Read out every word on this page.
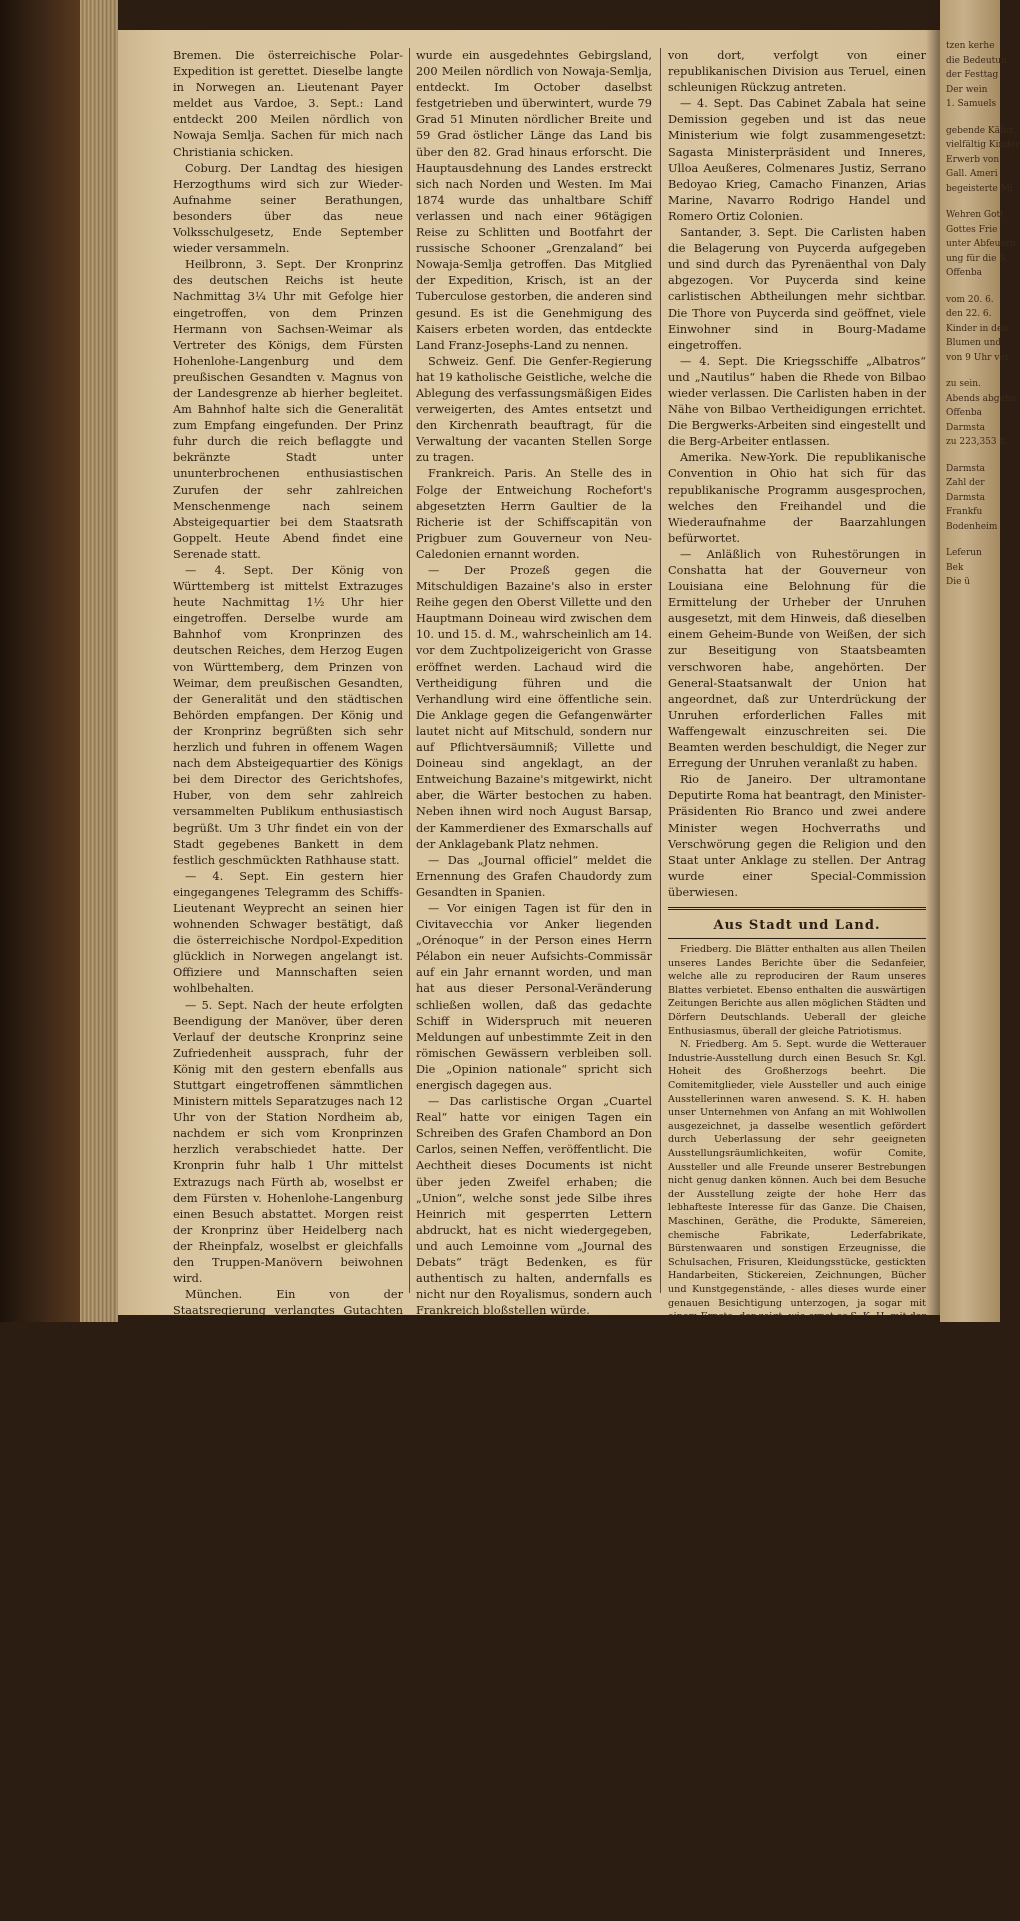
Bremen. Die österreichische Polar-Expedition ist gerettet. Dieselbe langte in Norwegen an. Lieutenant Payer meldet aus Vardoe, 3. Sept.: Land entdeckt 200 Meilen nördlich von Nowaja Semlja. Sachen für mich nach Christiania schicken.

Coburg. Der Landtag des hiesigen Herzogthums wird sich zur Wieder-Aufnahme seiner Berathungen, besonders über das neue Volksschulgesetz, Ende September wieder versammeln.

Heilbronn, 3. Sept. Der Kronprinz des deutschen Reichs ist heute Nachmittag 3¼ Uhr mit Gefolge hier eingetroffen, von dem Prinzen Hermann von Sachsen-Weimar als Vertreter des Königs, dem Fürsten Hohenlohe-Langenburg und dem preußischen Gesandten v. Magnus von der Landesgrenze ab hierher begleitet. Am Bahnhof halte sich die Generalität zum Empfang eingefunden. Der Prinz fuhr durch die reich beflaggte und bekränzte Stadt unter ununterbrochenen enthusiastischen Zurufen der sehr zahlreichen Menschenmenge nach seinem Absteigequartier bei dem Staatsrath Goppelt. Heute Abend findet eine Serenade statt.

— 4. Sept. Der König von Württemberg ist mittelst Extrazuges heute Nachmittag 1½ Uhr hier eingetroffen. Derselbe wurde am Bahnhof vom Kronprinzen des deutschen Reiches, dem Herzog Eugen von Württemberg, dem Prinzen von Weimar, dem preußischen Gesandten, der Generalität und den städtischen Behörden empfangen. Der König und der Kronprinz begrüßten sich sehr herzlich und fuhren in offenem Wagen nach dem Absteigequartier des Königs bei dem Director des Gerichtshofes, Huber, von dem sehr zahlreich versammelten Publikum enthusiastisch begrüßt. Um 3 Uhr findet ein von der Stadt gegebenes Bankett in dem festlich geschmückten Rathhause statt.

— 4. Sept. Ein gestern hier eingegangenes Telegramm des Schiffs-Lieutenant Weyprecht an seinen hier wohnenden Schwager bestätigt, daß die österreichische Nordpol-Expedition glücklich in Norwegen angelangt ist. Offiziere und Mannschaften seien wohlbehalten.

— 5. Sept. Nach der heute erfolgten Beendigung der Manöver, über deren Verlauf der deutsche Kronprinz seine Zufriedenheit aussprach, fuhr der König mit den gestern ebenfalls aus Stuttgart eingetroffenen sämmtlichen Ministern mittels Separatzuges nach 12 Uhr von der Station Nordheim ab, nachdem er sich vom Kronprinzen herzlich verabschiedet hatte. Der Kronprin fuhr halb 1 Uhr mittelst Extrazugs nach Fürth ab, woselbst er dem Fürsten v. Hohenlohe-Langenburg einen Besuch abstattet. Morgen reist der Kronprinz über Heidelberg nach der Rheinpfalz, woselbst er gleichfalls den Truppen-Manövern beiwohnen wird.

München. Ein von der Staatsregierung verlangtes Gutachten der Verwaltung der Bayerischen Hypothek- und Wechselbank über den Bankgesetzentwurf spricht sich aufs Entschiedenste gegen die Annahme des Gesetzentwurfes aus.

— Auf den Oberstlieutenant v. Ballade vom 2. Jäger-Bataillon soll ein Attentats-Versuch gemacht worden sein. Bei den bei Ingolstadt abgehaltenen Manövern sind scharfe Schüsse gefallen, und man muthmaßt, daß mit Steinen auf den nicht sonderlich beliebten Commandanten geschossen worden sei.

Freiburg i. B., 5. Sept. Der Altkatholiken-Congreß scheint sehr zahlreich besucht zu werden. Von hervorragenden Mitgliedern sind bereits eingetroffen: Bischof Reinkens, die Professoren Schulte, Reusch und Friedrich und der Reichstagsabgeordnete Völk. Heute Abend findet eine gesellige Vereinigung der eingetroffenen Mitglieder statt.

Ausland.

Oesterreich-Ungarn. Wien. Fürst Milan von Serbien ersuchte durch Vermittelung des Fürsten Hohenlohe in Paris den Kaiser Wilhelm, er möge ihn im December in Berlin empfangen.

— Zufolge von Telegrammen der Nordpolfahrer Weyprecht und Payer aus Vardoe vom 3. war das Schiff im Herbste 1872 im Packeise eingeschlossen, sodann nordwärts getrieben. 1873

wurde ein ausgedehntes Gebirgsland, 200 Meilen nördlich von Nowaja-Semlja, entdeckt. Im October daselbst festgetrieben und überwintert, wurde 79 Grad 51 Minuten nördlicher Breite und 59 Grad östlicher Länge das Land bis über den 82. Grad hinaus erforscht. Die Hauptausdehnung des Landes erstreckt sich nach Norden und Westen. Im Mai 1874 wurde das unhaltbare Schiff verlassen und nach einer 96tägigen Reise zu Schlitten und Bootfahrt der russische Schooner „Grenzaland“ bei Nowaja-Semlja getroffen. Das Mitglied der Expedition, Krisch, ist an der Tuberculose gestorben, die anderen sind gesund. Es ist die Genehmigung des Kaisers erbeten worden, das entdeckte Land Franz-Josephs-Land zu nennen.

Schweiz. Genf. Die Genfer-Regierung hat 19 katholische Geistliche, welche die Ablegung des verfassungsmäßigen Eides verweigerten, des Amtes entsetzt und den Kirchenrath beauftragt, für die Verwaltung der vacanten Stellen Sorge zu tragen.

Frankreich. Paris. An Stelle des in Folge der Entweichung Rochefort's abgesetzten Herrn Gaultier de la Richerie ist der Schiffscapitän von Prigbuer zum Gouverneur von Neu-Caledonien ernannt worden.

— Der Prozeß gegen die Mitschuldigen Bazaine's also in erster Reihe gegen den Oberst Villette und den Hauptmann Doineau wird zwischen dem 10. und 15. d. M., wahrscheinlich am 14. vor dem Zuchtpolizeigericht von Grasse eröffnet werden. Lachaud wird die Vertheidigung führen und die Verhandlung wird eine öffentliche sein. Die Anklage gegen die Gefangenwärter lautet nicht auf Mitschuld, sondern nur auf Pflichtversäumniß; Villette und Doineau sind angeklagt, an der Entweichung Bazaine's mitgewirkt, nicht aber, die Wärter bestochen zu haben. Neben ihnen wird noch August Barsap, der Kammerdiener des Exmarschalls auf der Anklagebank Platz nehmen.

— Das „Journal officiel“ meldet die Ernennung des Grafen Chaudordy zum Gesandten in Spanien.

— Vor einigen Tagen ist für den in Civitavecchia vor Anker liegenden „Orénoque“ in der Person eines Herrn Pélabon ein neuer Aufsichts-Commissär auf ein Jahr ernannt worden, und man hat aus dieser Personal-Veränderung schließen wollen, daß das gedachte Schiff in Widerspruch mit neueren Meldungen auf unbestimmte Zeit in den römischen Gewässern verbleiben soll. Die „Opinion nationale“ spricht sich energisch dagegen aus.

— Das carlistische Organ „Cuartel Real“ hatte vor einigen Tagen ein Schreiben des Grafen Chambord an Don Carlos, seinen Neffen, veröffentlicht. Die Aechtheit dieses Documents ist nicht über jeden Zweifel erhaben; die „Union“, welche sonst jede Silbe ihres Heinrich mit gesperrten Lettern abdruckt, hat es nicht wiedergegeben, und auch Lemoinne vom „Journal des Debats“ trägt Bedenken, es für authentisch zu halten, andernfalls es nicht nur den Royalismus, sondern auch Frankreich bloßstellen würde.

— 5. Sept. Mac Mahon empfing heute den Besuch des Großfürsten Constantin von Rußland und erwiederte denselben sogleich. Der Großfürst reist morgen nach Biarritz zurück. Mac Mahon wird sich am 13. nach Bethune begeben, um den Manövern des vom General Clinchant befehligten Armee-Corps beizuwohnen.

Norwegen. Christiania, 4. Septbr. Eine heute hier eingelangte Nachricht meldet die Ankunft der österreichischen Nordpol-Expedition in Vardoe. Das Schiff „Tegetthof“ ist zu Grunde gegangen. Die Mitglieder der Expedition wurden nach langen Schlittenreisen von russischen Schiffen aufgefunden.

Spanien. Madrid. Die Banden unter Don Alfonso sind in voriger Woche in Vinaroz (Provinz Valencia) eingerückt, in ziemlich kläglichem Zustand und statt 10,000, wie bisher behauptet wurde, nur 6000 Mann stark. Von Vinaroz zogen sie nach Benicarlo und mußten

von dort, verfolgt von einer republikanischen Division aus Teruel, einen schleunigen Rückzug antreten.

— 4. Sept. Das Cabinet Zabala hat seine Demission gegeben und ist das neue Ministerium wie folgt zusammengesetzt: Sagasta Ministerpräsident und Inneres, Ulloa Aeußeres, Colmenares Justiz, Serrano Bedoyao Krieg, Camacho Finanzen, Arias Marine, Navarro Rodrigo Handel und Romero Ortiz Colonien.

Santander, 3. Sept. Die Carlisten haben die Belagerung von Puycerda aufgegeben und sind durch das Pyrenäenthal von Daly abgezogen. Vor Puycerda sind keine carlistischen Abtheilungen mehr sichtbar. Die Thore von Puycerda sind geöffnet, viele Einwohner sind in Bourg-Madame eingetroffen.

— 4. Sept. Die Kriegsschiffe „Albatros“ und „Nautilus“ haben die Rhede von Bilbao wieder verlassen. Die Carlisten haben in der Nähe von Bilbao Vertheidigungen errichtet. Die Bergwerks-Arbeiten sind eingestellt und die Berg-Arbeiter entlassen.

Amerika. New-York. Die republikanische Convention in Ohio hat sich für das republikanische Programm ausgesprochen, welches den Freihandel und die Wiederaufnahme der Baarzahlungen befürwortet.

— Anläßlich von Ruhestörungen in Conshatta hat der Gouverneur von Louisiana eine Belohnung für die Ermittelung der Urheber der Unruhen ausgesetzt, mit dem Hinweis, daß dieselben einem Geheim-Bunde von Weißen, der sich zur Beseitigung von Staatsbeamten verschworen habe, angehörten. Der General-Staatsanwalt der Union hat angeordnet, daß zur Unterdrückung der Unruhen erforderlichen Falles mit Waffengewalt einzuschreiten sei. Die Beamten werden beschuldigt, die Neger zur Erregung der Unruhen veranlaßt zu haben.

Rio de Janeiro. Der ultramontane Deputirte Roma hat beantragt, den Minister-Präsidenten Rio Branco und zwei andere Minister wegen Hochverraths und Verschwörung gegen die Religion und den Staat unter Anklage zu stellen. Der Antrag wurde einer Special-Commission überwiesen.

Aus Stadt und Land.

Friedberg. Die Blätter enthalten aus allen Theilen unseres Landes Berichte über die Sedanfeier, welche alle zu reproduciren der Raum unseres Blattes verbietet. Ebenso enthalten die auswärtigen Zeitungen Berichte aus allen möglichen Städten und Dörfern Deutschlands. Ueberall der gleiche Enthusiasmus, überall der gleiche Patriotismus.

N. Friedberg. Am 5. Sept. wurde die Wetterauer Industrie-Ausstellung durch einen Besuch Sr. Kgl. Hoheit des Großherzogs beehrt. Die Comitemitglieder, viele Aussteller und auch einige Ausstellerinnen waren anwesend. S. K. H. haben unser Unternehmen von Anfang an mit Wohlwollen ausgezeichnet, ja dasselbe wesentlich gefördert durch Ueberlassung der sehr geeigneten Ausstellungsräumlichkeiten, wofür Comite, Aussteller und alle Freunde unserer Bestrebungen nicht genug danken können. Auch bei dem Besuche der Ausstellung zeigte der hohe Herr das lebhafteste Interesse für das Ganze. Die Chaisen, Maschinen, Geräthe, die Produkte, Sämereien, chemische Fabrikate, Lederfabrikate, Bürstenwaaren und sonstigen Erzeugnisse, die Schulsachen, Frisuren, Kleidungsstücke, gestickten Handarbeiten, Stickereien, Zeichnungen, Bücher und Kunstgegenstände, - alles dieses wurde einer genauen Besichtigung unterzogen, ja sogar mit einem Ernste, der zeigt, wie ernst es S. K. H. mit der Hebung und Förderung der Industrie ist und der Ausmunterung für die Aussteller. Die wahrhaft liebenswürdige Freundlichkeit unseres Landesfürsten machte auf alle Anwesende den besten Eindruck. Die Wetterauer aber ist dieser Besuch und die Art und Weise seiner Ausführung ein Beweis hoher Theilnahme für unser Ringen und Kämpfen, die Industrie zu fördern, heimischer zu machen; und wir wollen uns dadurch um so mehr aufgemuntert erachten, unsere Arbeit und Leistungen zu vervielfältigen und zu heben, um weiteren Beifall zu verdienen und damit zugleich auch befähigter zu werden für die sich immer mehr ausbildende Concurrenz. So müssen die Ausstellung und die beste Pflege der Wetterauer Industrie von allen Seiten gezollte Aufmerksamkeit segensreich fortwirken.

H. Dortelweil. In hiesiger Gemeinde wurde auch dieses Jahr wieder die Sedanfeier begangen. Abends zuvor wurde das Fest durch die Glocken eingeläutet, ebenso der Festmorgen. Der Ort war beflaggt. Um Festzug, woran die Schuljugend mit ihrem Lehrer, Fahnen, Kränzen, die Krieger, der Geistliche, Gemeinde-, Kirchen- und Schulvorstand, sowie viele Gemeindeglieder sich betheiligten, bewegte sich unter Glockengeläute durch die Straße vor das Dorf zur Friedenslinde. Hier hielt nach dem Festgesange Herr Pfarrer Kaldhenn von Klein-Karben in

tzen kerhe
die Bedeutun
der Festtag
Der wein
1. Samuels
gebende Käfer
vielfältig Kinder
Erwerb von
Gall. Ameri
begeisterte Mi
Wehren Gott
Gottes Frie
unter Abfeuern
ung für die S
Offenba
vom 20. 6.
den 22. 6.
Kinder in den
Blumen und
von 9 Uhr ver
zu sein.
Abends abgehe
Offenba
Darmsta
zu 223,353 fl.
Darmsta
Zahl der
Darmsta
Frankfu
Bodenheim
Leferun
Bek
Die ü
